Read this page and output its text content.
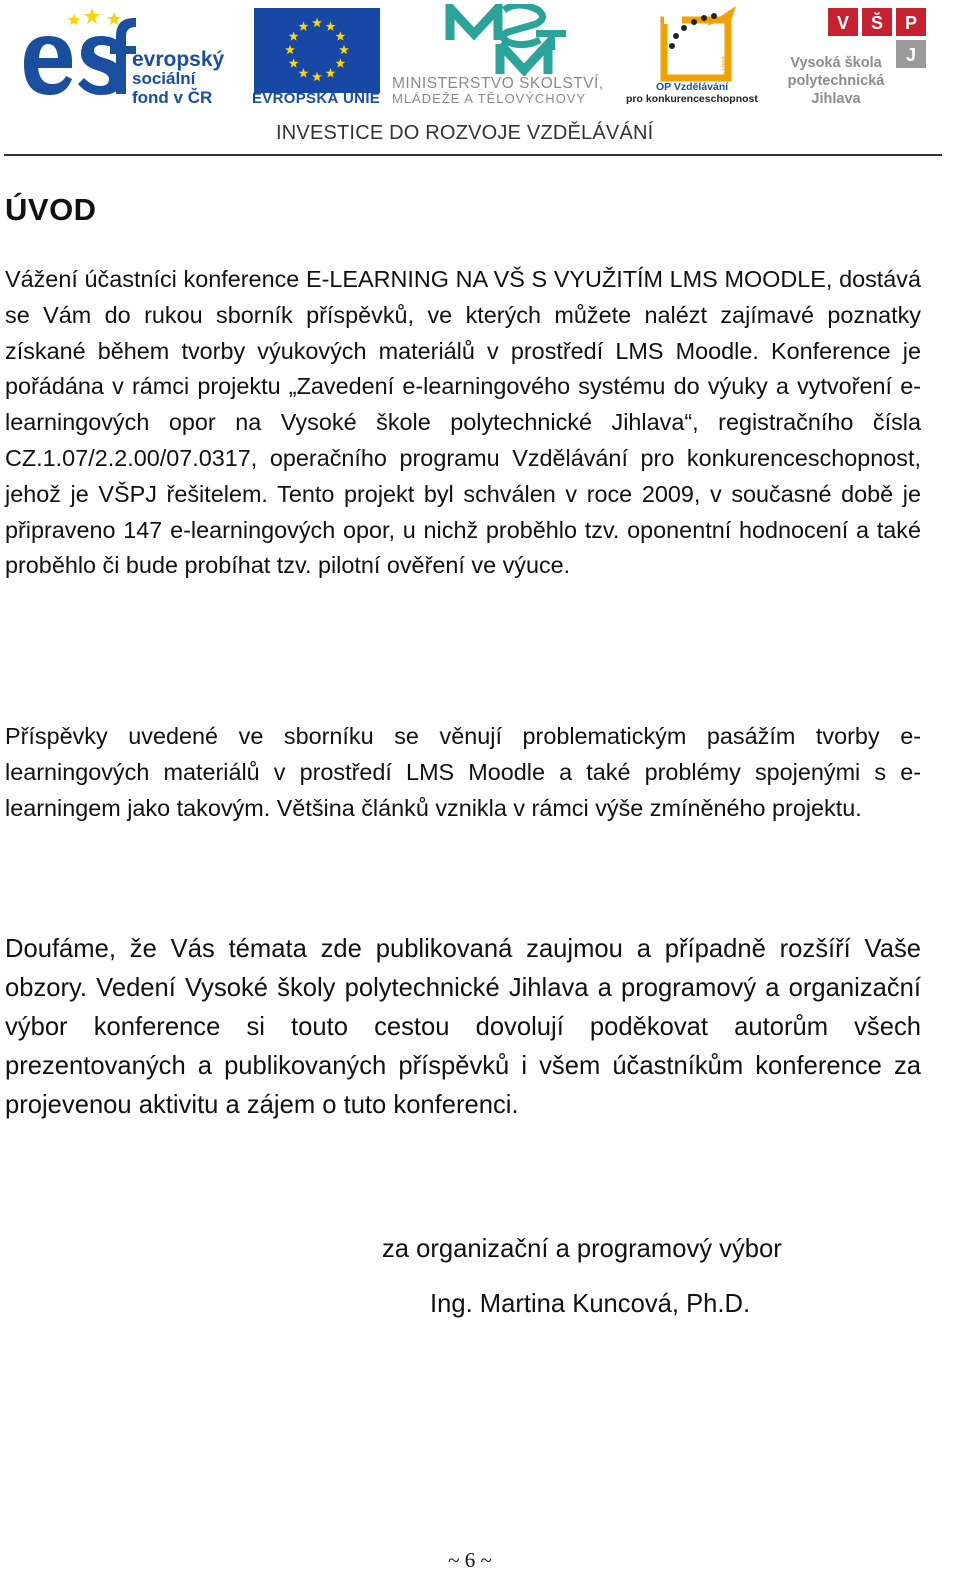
evropský
sociální
fond v ČR	EVROPSKÁ UNIE
MINISTERSTVO ŠKOLSTVÍ,
MLÁDEŽE A TĚLOVÝCHOVY
2007-13
OP Vzdělávání
pro konkurenceschopnost
V Š P
J
Vysoká škola
polytechnická
Jihlava
INVESTICE DO ROZVOJE VZDĚLÁVÁNÍ
ÚVOD

Vážení účastníci konference E-LEARNING NA VŠ S VYUŽITÍM LMS MOODLE, dostává se Vám do rukou sborník příspěvků, ve kterých můžete nalézt zajímavé poznatky získané během tvorby výukových materiálů v prostředí LMS Moodle. Konference je pořádána v rámci projektu „Zavedení e-learningového systému do výuky a vytvoření e-learningových opor na Vysoké škole polytechnické Jihlava“, registračního čísla CZ.1.07/2.2.00/07.0317, operačního programu Vzdělávání pro konkurenceschopnost, jehož je VŠPJ řešitelem. Tento projekt byl schválen v roce 2009, v současné době je připraveno 147 e-learningových opor, u nichž proběhlo tzv. oponentní hodnocení a také proběhlo či bude probíhat tzv. pilotní ověření ve výuce.

Příspěvky uvedené ve sborníku se věnují problematickým pasážím tvorby e-learningových materiálů v prostředí LMS Moodle a také problémy spojenými s e-learningem jako takovým. Většina článků vznikla v rámci výše zmíněného projektu.

Doufáme, že Vás témata zde publikovaná zaujmou a případně rozšíří Vaše obzory. Vedení Vysoké školy polytechnické Jihlava a programový a organizační výbor konference si touto cestou dovolují poděkovat autorům všech prezentovaných a publikovaných příspěvků i všem účastníkům konference za projevenou aktivitu a zájem o tuto konferenci.

za organizační a programový výbor
Ing. Martina Kuncová, Ph.D.
~ 6 ~
